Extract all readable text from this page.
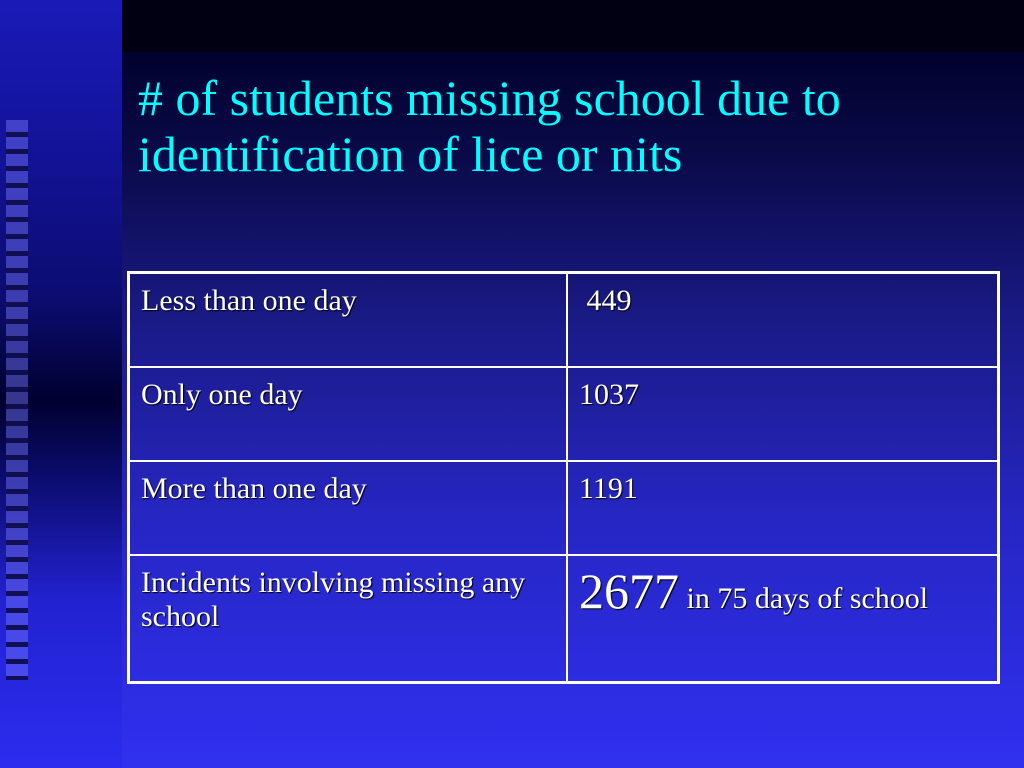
# of students missing school due to identification of lice or nits
Less than one day	449
Only one day	1037
More than one day	1191
Incidents involving missing any school	2677 in 75 days of school
